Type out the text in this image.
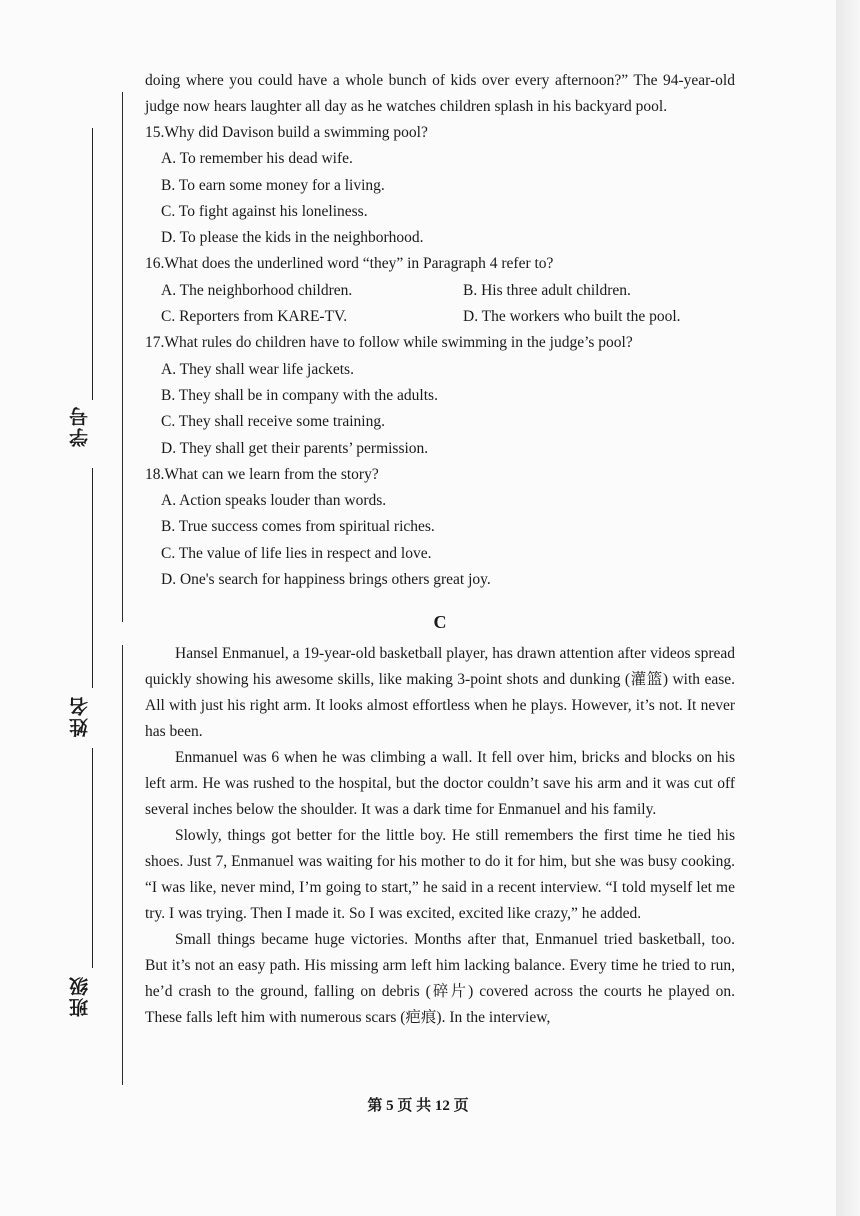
学号
姓名
班级

doing where you could have a whole bunch of kids over every afternoon?” The 94-year-old judge now hears laughter all day as he watches children splash in his backyard pool.

15.Why did Davison build a swimming pool?

A. To remember his dead wife.

B. To earn some money for a living.

C. To fight against his loneliness.

D. To please the kids in the neighborhood.

16.What does the underlined word “they” in Paragraph 4 refer to?

A. The neighborhood children.	B. His three adult children.
C. Reporters from KARE-TV.	D. The workers who built the pool.

17.What rules do children have to follow while swimming in the judge’s pool?

A. They shall wear life jackets.

B. They shall be in company with the adults.

C. They shall receive some training.

D. They shall get their parents’ permission.

18.What can we learn from the story?

A. Action speaks louder than words.

B. True success comes from spiritual riches.

C. The value of life lies in respect and love.

D. One's search for happiness brings others great joy.

C

Hansel Enmanuel, a 19-year-old basketball player, has drawn attention after videos spread quickly showing his awesome skills, like making 3-point shots and dunking (灌篮) with ease. All with just his right arm. It looks almost effortless when he plays. However, it’s not. It never has been.

Enmanuel was 6 when he was climbing a wall. It fell over him, bricks and blocks on his left arm. He was rushed to the hospital, but the doctor couldn’t save his arm and it was cut off several inches below the shoulder. It was a dark time for Enmanuel and his family.

Slowly, things got better for the little boy. He still remembers the first time he tied his shoes. Just 7, Enmanuel was waiting for his mother to do it for him, but she was busy cooking. “I was like, never mind, I’m going to start,” he said in a recent interview. “I told myself let me try. I was trying. Then I made it. So I was excited, excited like crazy,” he added.

Small things became huge victories. Months after that, Enmanuel tried basketball, too. But it’s not an easy path. His missing arm left him lacking balance. Every time he tried to run, he’d crash to the ground, falling on debris (碎片) covered across the courts he played on. These falls left him with numerous scars (疤痕). In the interview,

第 5 页 共 12 页
